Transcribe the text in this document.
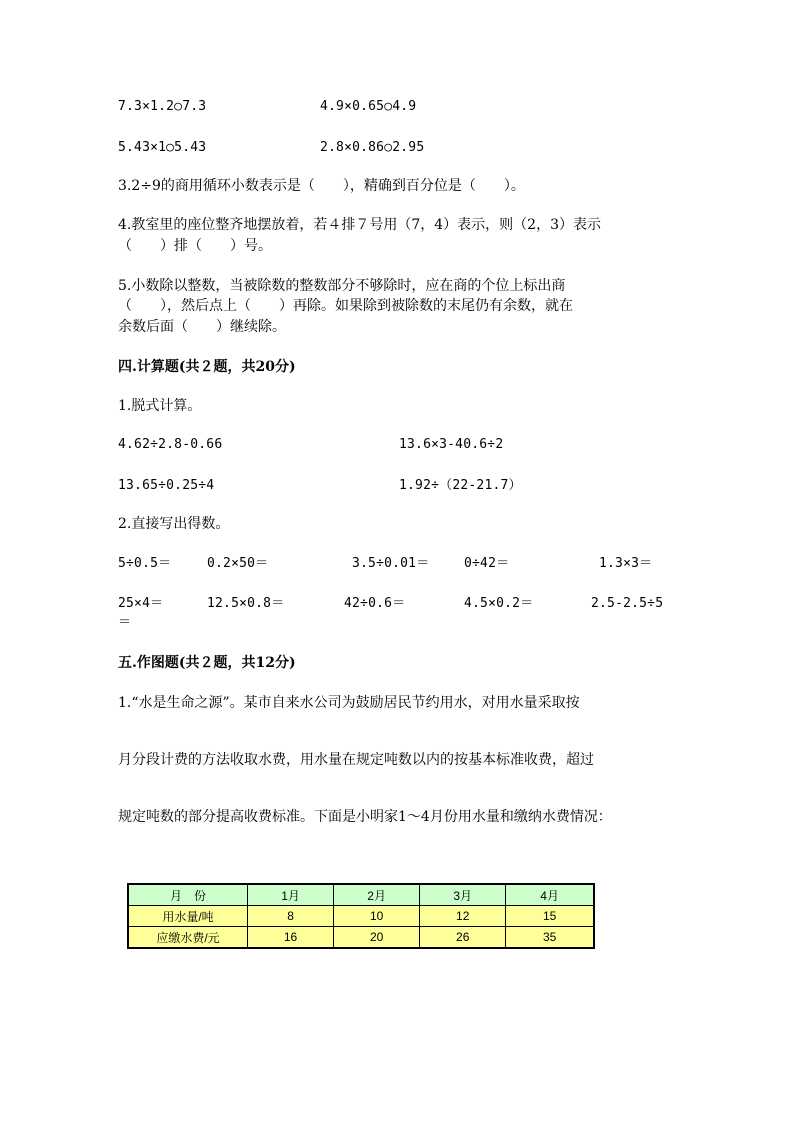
7.3×1.2○7.3	4.9×0.65○4.9
5.43×1○5.43	2.8×0.86○2.95
3.2÷9的商用循环小数表示是（　　），精确到百分位是（　　）。
4.教室里的座位整齐地摆放着，若４排７号用（7，4）表示，则（2，3）表示
（　　）排（　　）号。
5.小数除以整数，当被除数的整数部分不够除时，应在商的个位上标出商
（　　），然后点上（　　）再除。如果除到被除数的末尾仍有余数，就在
余数后面（　　）继续除。
四.计算题(共２题，共20分)
1.脱式计算。
4.62÷2.8-0.66	13.6×3-40.6÷2
13.65÷0.25÷4	1.92÷（22-21.7）
2.直接写出得数。
5÷0.5＝	0.2×50＝	3.5÷0.01＝	0÷42＝	1.3×3＝
25×4＝	12.5×0.8＝	42÷0.6＝	4.5×0.2＝	2.5-2.5÷5
＝
五.作图题(共２题，共12分)
1.“水是生命之源”。某市自来水公司为鼓励居民节约用水，对用水量采取按
月分段计费的方法收取水费，用水量在规定吨数以内的按基本标准收费，超过
规定吨数的部分提高收费标准。下面是小明家1～4月份用水量和缴纳水费情况：
月　份	1月	2月	3月	4月
用水量/吨	8	10	12	15
应缴水费/元	16	20	26	35
